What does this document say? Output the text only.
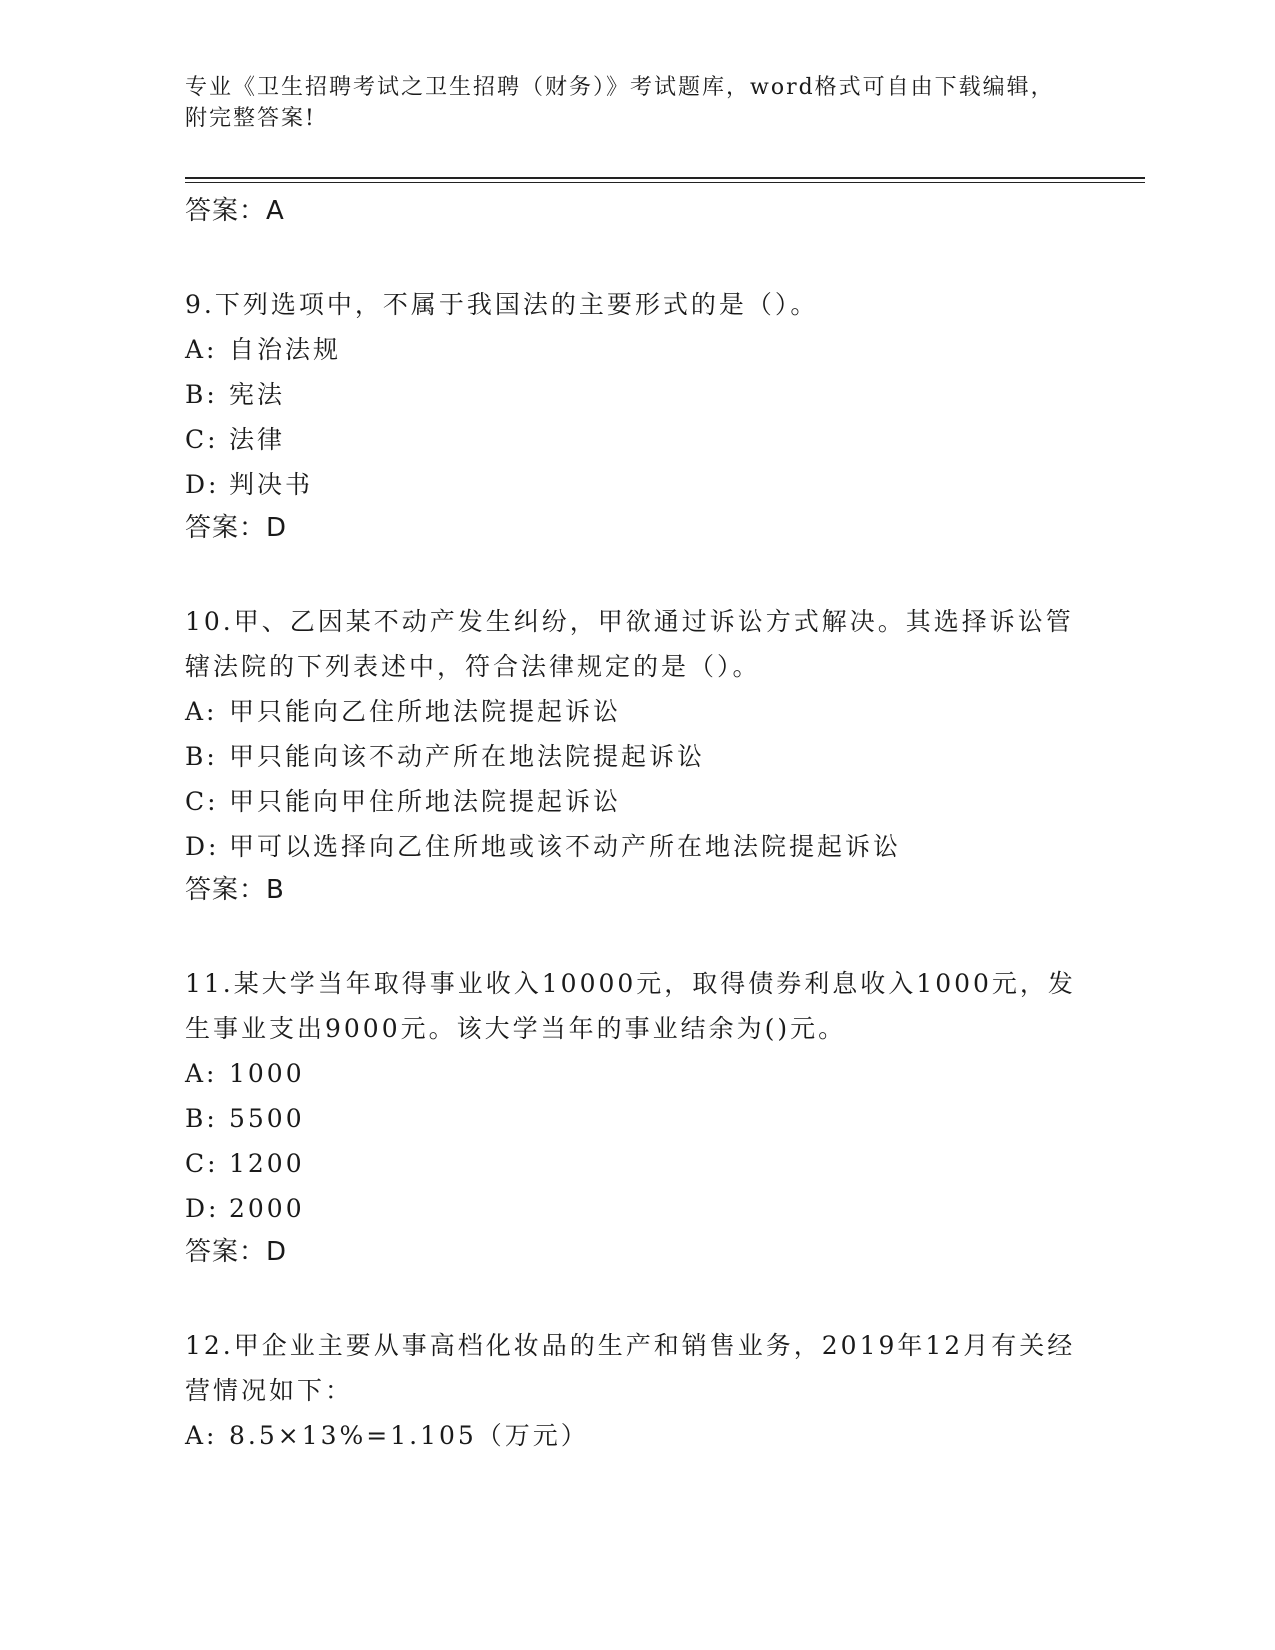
专业《卫生招聘考试之卫生招聘（财务）》考试题库，word格式可自由下载编辑，附完整答案!

答案：A

9.下列选项中，不属于我国法的主要形式的是（）。

A: 自治法规

B: 宪法

C: 法律

D: 判决书

答案：D

10.甲、乙因某不动产发生纠纷，甲欲通过诉讼方式解决。其选择诉讼管辖法院的下列表述中，符合法律规定的是（）。

A: 甲只能向乙住所地法院提起诉讼

B: 甲只能向该不动产所在地法院提起诉讼

C: 甲只能向甲住所地法院提起诉讼

D: 甲可以选择向乙住所地或该不动产所在地法院提起诉讼

答案：B

11.某大学当年取得事业收入10000元，取得债券利息收入1000元，发生事业支出9000元。该大学当年的事业结余为()元。

A: 1000

B: 5500

C: 1200

D: 2000

答案：D

12.甲企业主要从事高档化妆品的生产和销售业务，2019年12月有关经营情况如下：

A: 8.5×13%=1.105（万元）
